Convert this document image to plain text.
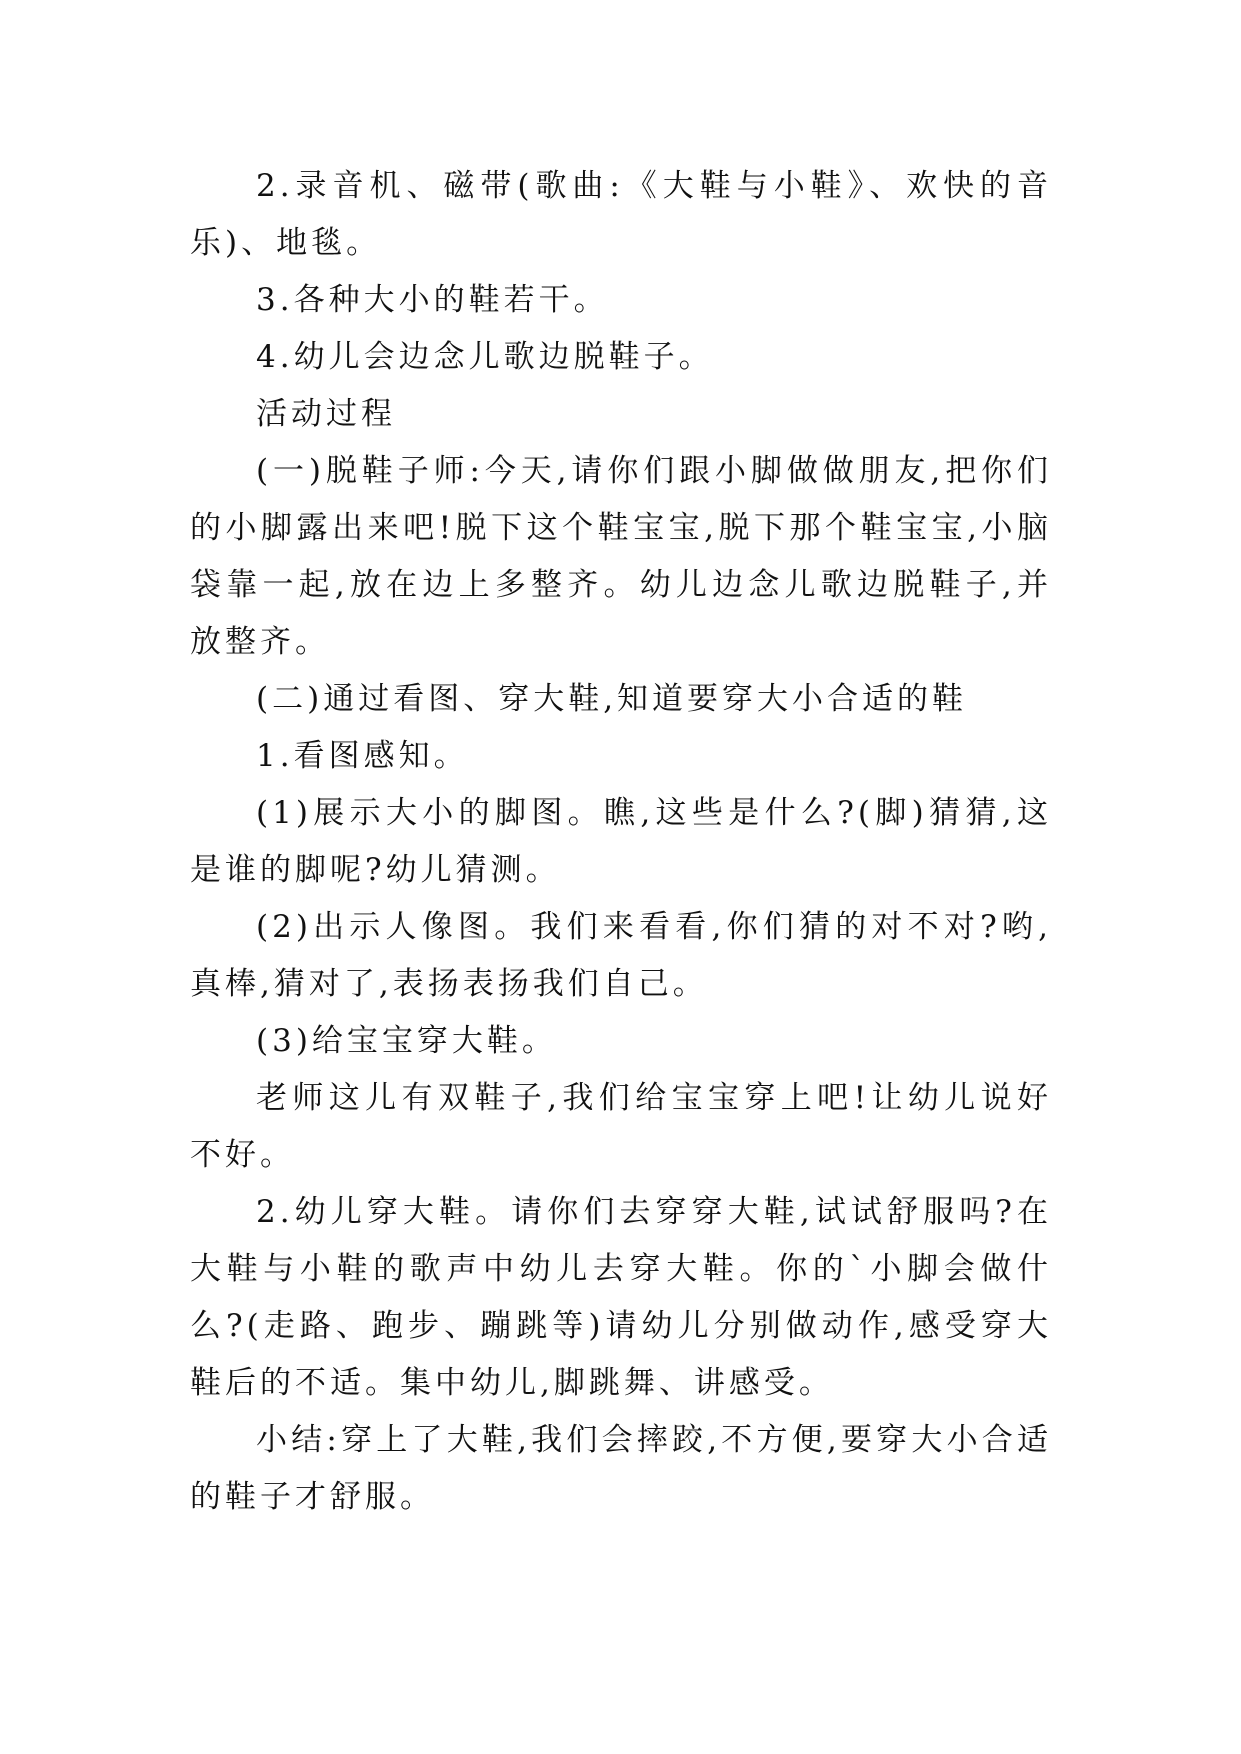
2.录音机、磁带(歌曲:《大鞋与小鞋》、欢快的音乐)、地毯。

3.各种大小的鞋若干。

4.幼儿会边念儿歌边脱鞋子。

活动过程

(一)脱鞋子师:今天,请你们跟小脚做做朋友,把你们的小脚露出来吧!脱下这个鞋宝宝,脱下那个鞋宝宝,小脑袋靠一起,放在边上多整齐。幼儿边念儿歌边脱鞋子,并放整齐。

(二)通过看图、穿大鞋,知道要穿大小合适的鞋

1.看图感知。

(1)展示大小的脚图。瞧,这些是什么?(脚)猜猜,这是谁的脚呢?幼儿猜测。

(2)出示人像图。我们来看看,你们猜的对不对?哟,真棒,猜对了,表扬表扬我们自己。

(3)给宝宝穿大鞋。

老师这儿有双鞋子,我们给宝宝穿上吧!让幼儿说好不好。

2.幼儿穿大鞋。请你们去穿穿大鞋,试试舒服吗?在大鞋与小鞋的歌声中幼儿去穿大鞋。你的`小脚会做什么?(走路、跑步、蹦跳等)请幼儿分别做动作,感受穿大鞋后的不适。集中幼儿,脚跳舞、讲感受。

小结:穿上了大鞋,我们会摔跤,不方便,要穿大小合适的鞋子才舒服。
